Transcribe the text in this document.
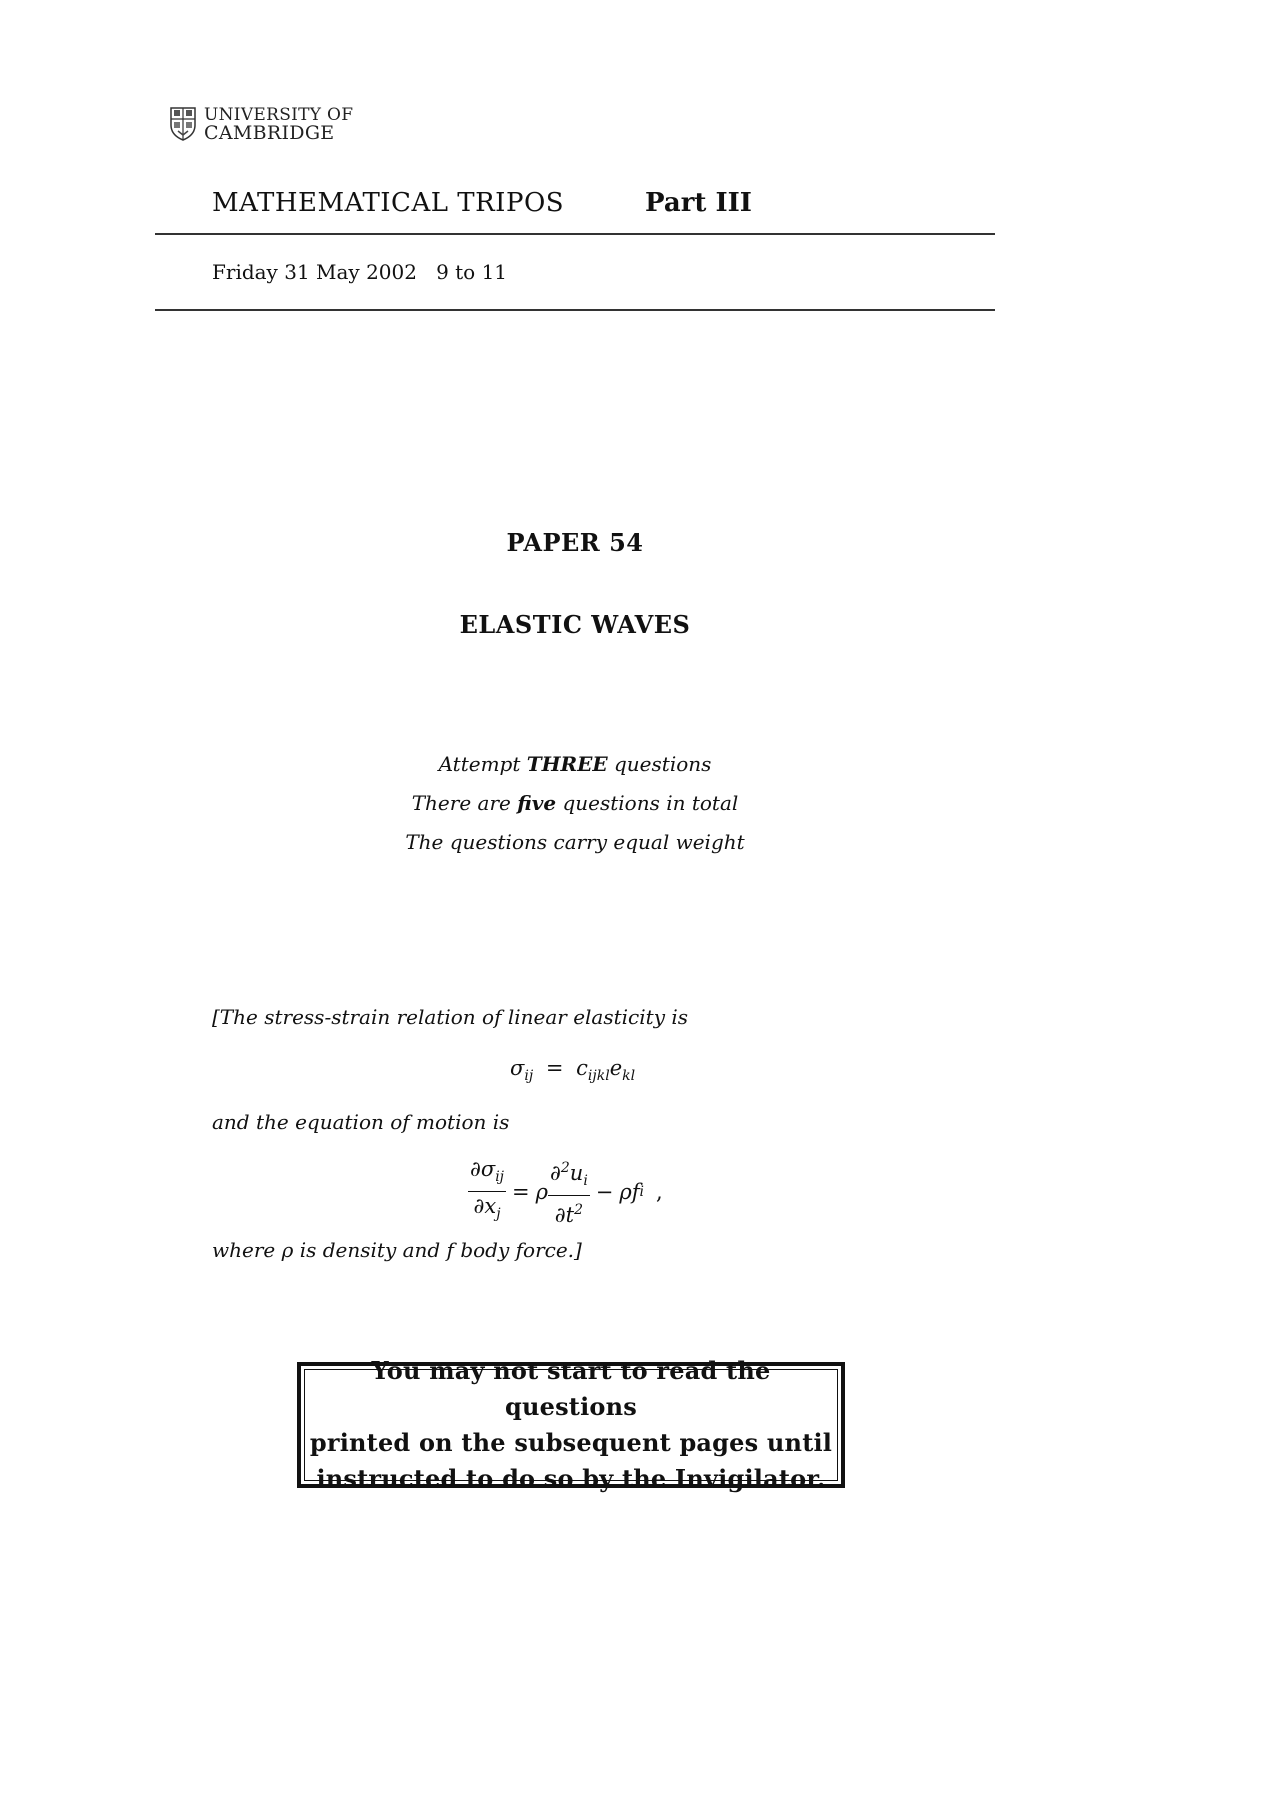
UNIVERSITY OF
CAMBRIDGE
MATHEMATICAL TRIPOS	Part III
Friday 31 May 2002 9 to 11
PAPER 54
ELASTIC WAVES
Attempt THREE questions
There are five questions in total
The questions carry equal weight
[The stress-strain relation of linear elasticity is
$\sigma_{ij} = c_{ijkl}e_{kl}$
and the equation of motion is
$\frac{\partial\sigma_{ij}}{\partial x_j} = \rho \frac{\partial^2u_i}{\partial t^2} - \rho f$ i ,
where ρ is density and f body force.]
You may not start to read the questions
printed on the subsequent pages until
instructed to do so by the Invigilator.
